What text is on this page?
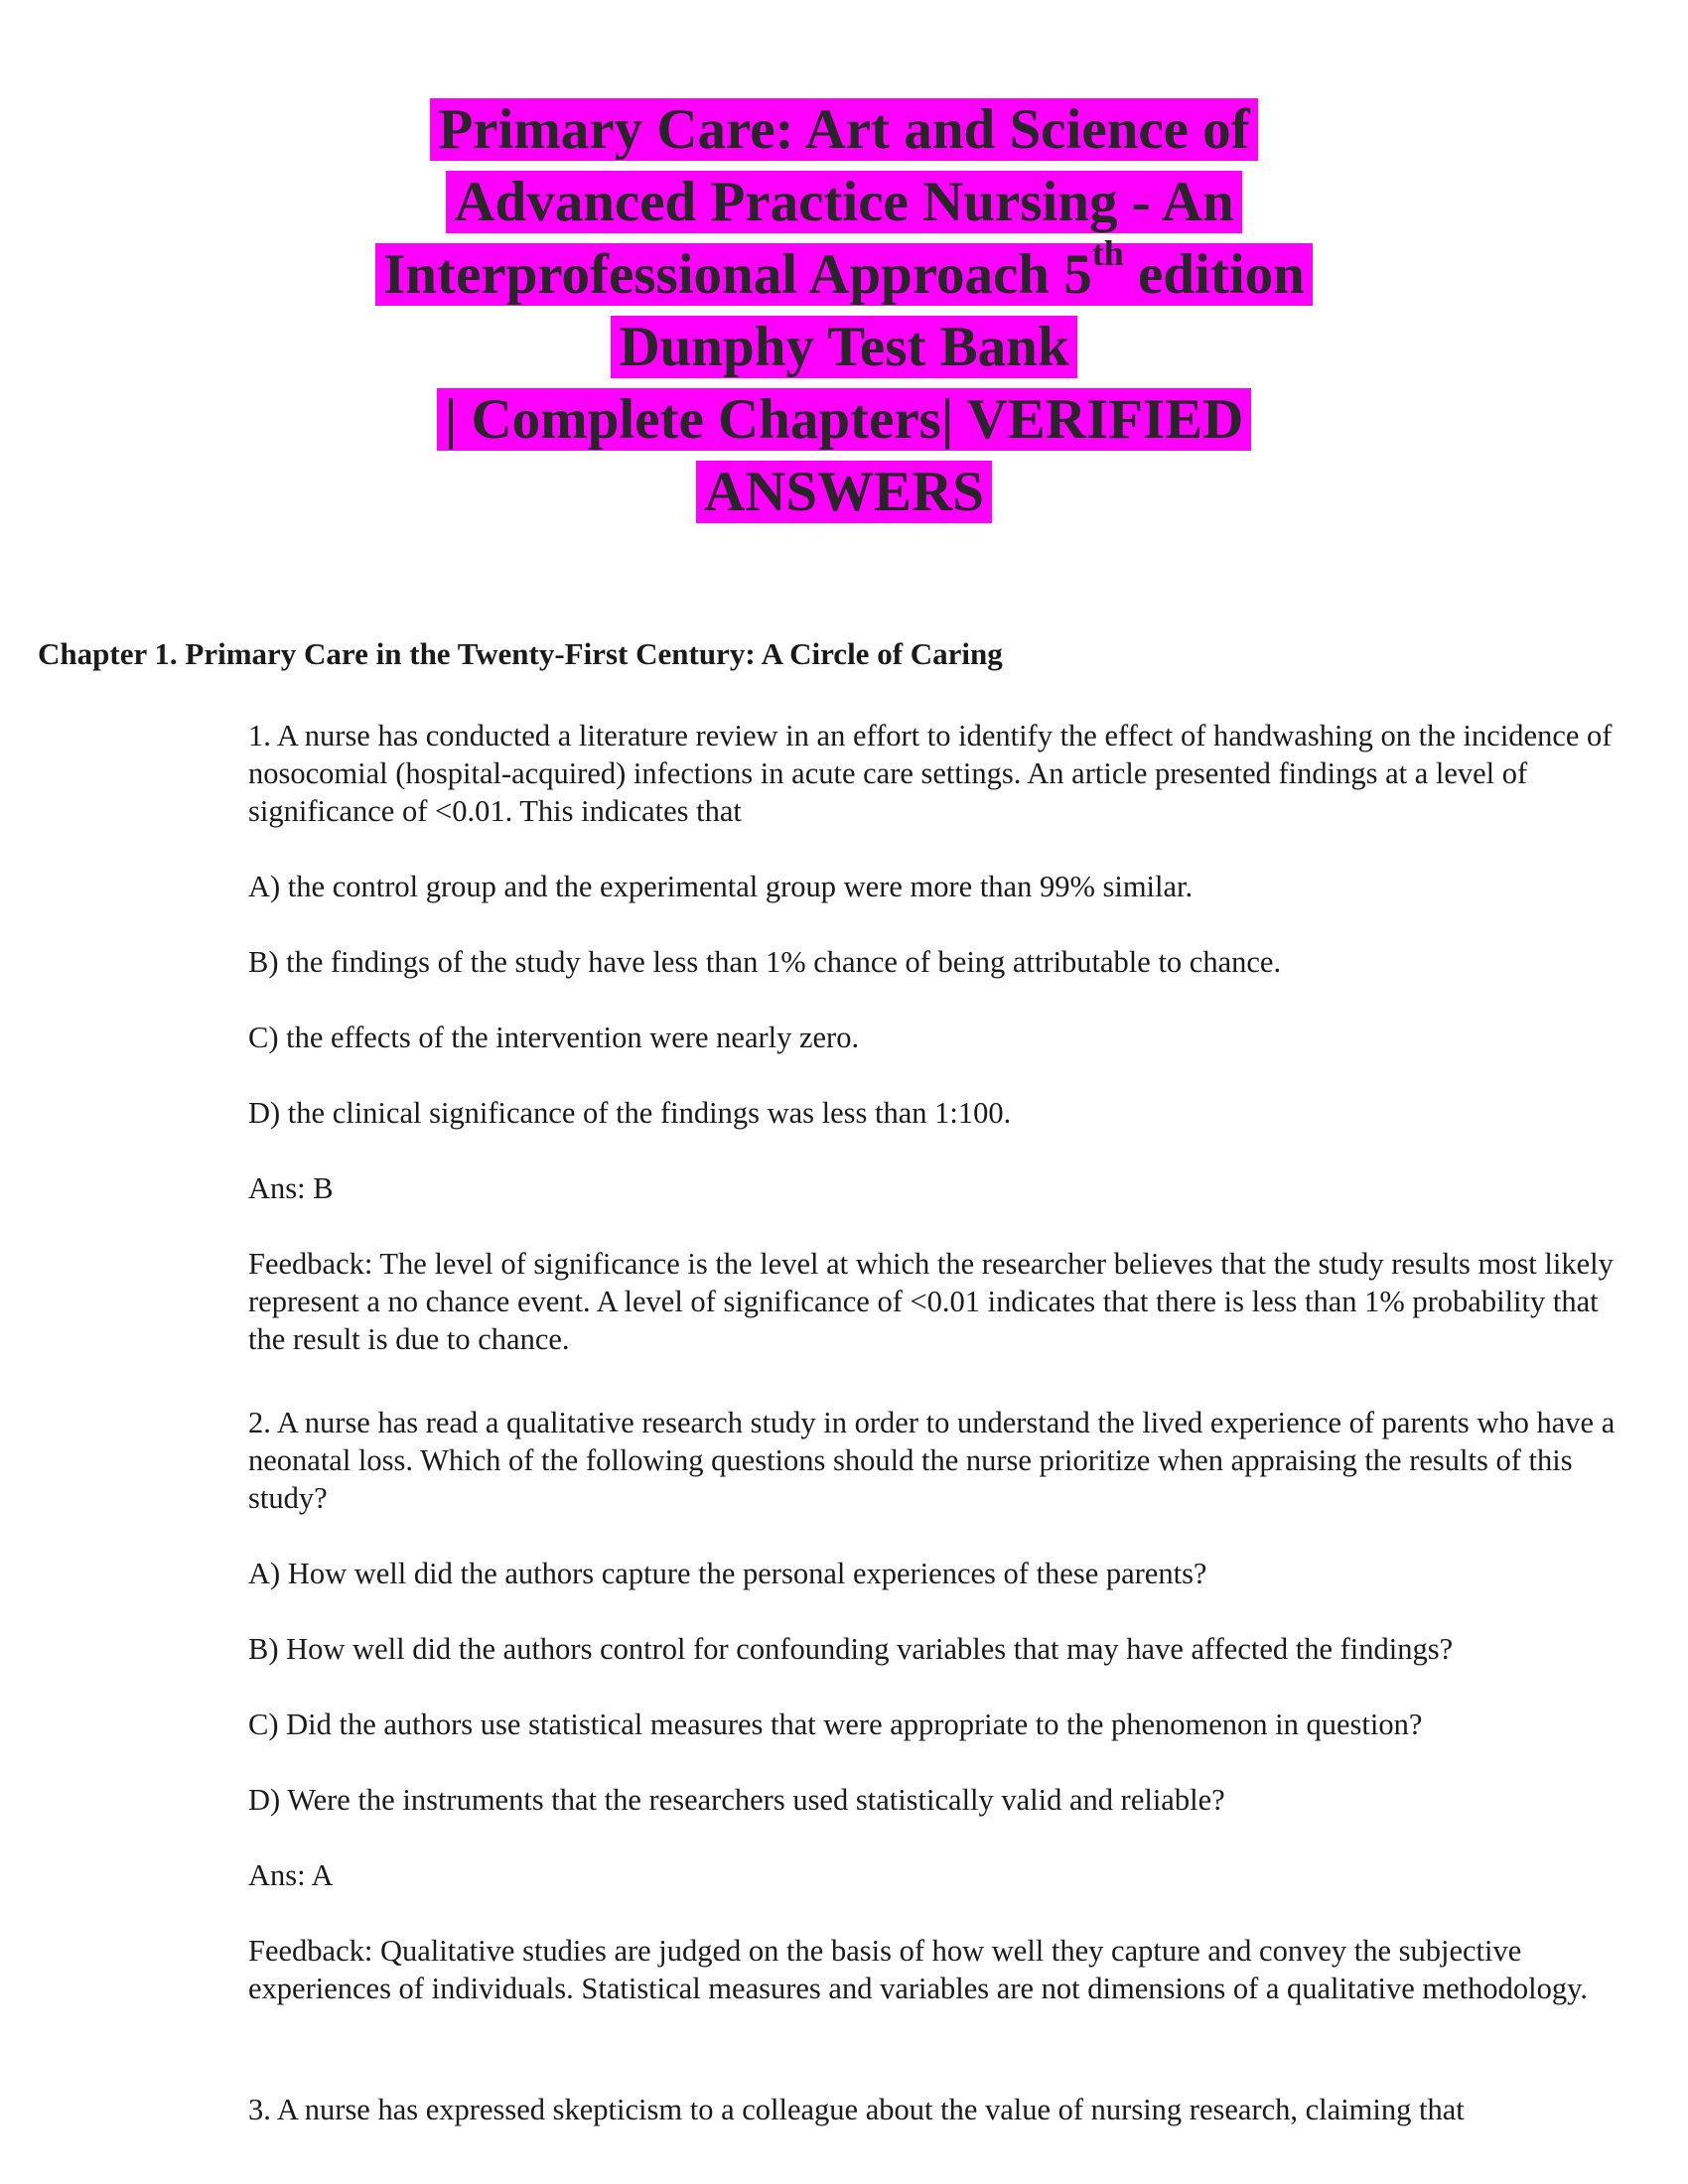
Primary Care: Art and Science of
Advanced Practice Nursing - An
Interprofessional Approach 5th edition
Dunphy Test Bank
| Complete Chapters| VERIFIED
ANSWERS
Chapter 1. Primary Care in the Twenty-First Century: A Circle of Caring

1. A nurse has conducted a literature review in an effort to identify the effect of handwashing on the incidence of nosocomial (hospital-acquired) infections in acute care settings. An article presented findings at a level of significance of <0.01. This indicates that

A) the control group and the experimental group were more than 99% similar.

B) the findings of the study have less than 1% chance of being attributable to chance.

C) the effects of the intervention were nearly zero.

D) the clinical significance of the findings was less than 1:100.

Ans: B

Feedback: The level of significance is the level at which the researcher believes that the study results most likely represent a no chance event. A level of significance of <0.01 indicates that there is less than 1% probability that the result is due to chance.

2. A nurse has read a qualitative research study in order to understand the lived experience of parents who have a neonatal loss. Which of the following questions should the nurse prioritize when appraising the results of this study?

A) How well did the authors capture the personal experiences of these parents?

B) How well did the authors control for confounding variables that may have affected the findings?

C) Did the authors use statistical measures that were appropriate to the phenomenon in question?

D) Were the instruments that the researchers used statistically valid and reliable?

Ans: A

Feedback: Qualitative studies are judged on the basis of how well they capture and convey the subjective experiences of individuals. Statistical measures and variables are not dimensions of a qualitative methodology.

3. A nurse has expressed skepticism to a colleague about the value of nursing research, claiming that
